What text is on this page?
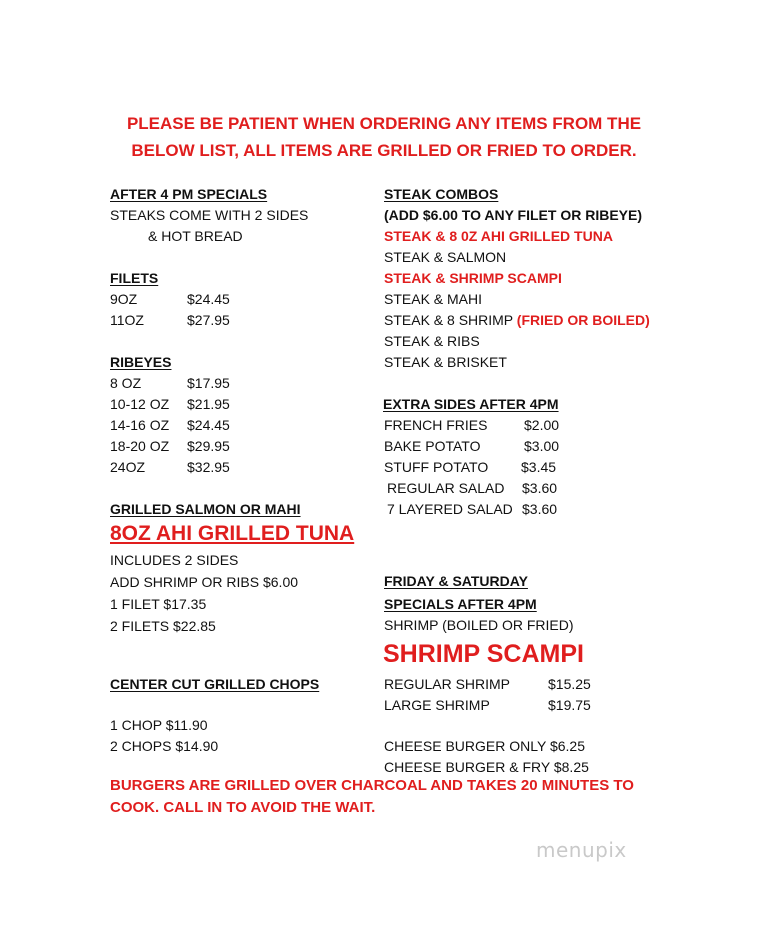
PLEASE BE PATIENT WHEN ORDERING ANY ITEMS FROM THE
BELOW LIST, ALL ITEMS ARE GRILLED OR FRIED TO ORDER.
AFTER 4 PM SPECIALS
STEAKS COME WITH 2 SIDES
& HOT BREAD
FILETS
9OZ	$24.45
11OZ	$27.95
RIBEYES
8 OZ	$17.95
10-12 OZ $21.95
14-16 OZ $24.45
18-20 OZ $29.95
24OZ	$32.95
GRILLED SALMON OR MAHI
8OZ AHI GRILLED TUNA
INCLUDES 2 SIDES
ADD SHRIMP OR RIBS $6.00
1 FILET $17.35
2 FILETS $22.85
CENTER CUT GRILLED CHOPS
1 CHOP $11.90
2 CHOPS $14.90
STEAK COMBOS
(ADD $6.00 TO ANY FILET OR RIBEYE)
STEAK & 8 0Z AHI GRILLED TUNA
STEAK & SALMON
STEAK & SHRIMP SCAMPI
STEAK & MAHI
STEAK & 8 SHRIMP (FRIED OR BOILED)
STEAK & RIBS
STEAK & BRISKET
EXTRA SIDES AFTER 4PM
FRENCH FRIES	$2.00
BAKE POTATO	$3.00
STUFF POTATO $3.45
REGULAR SALAD $3.60
7 LAYERED SALAD $3.60
FRIDAY & SATURDAY
SPECIALS AFTER 4PM
SHRIMP (BOILED OR FRIED)
SHRIMP SCAMPI
REGULAR SHRIMP	$15.25
LARGE SHRIMP	$19.75
CHEESE BURGER ONLY $6.25
CHEESE BURGER & FRY $8.25
BURGERS ARE GRILLED OVER CHARCOAL AND TAKES 20 MINUTES TO COOK. CALL IN TO AVOID THE WAIT.
menupix
